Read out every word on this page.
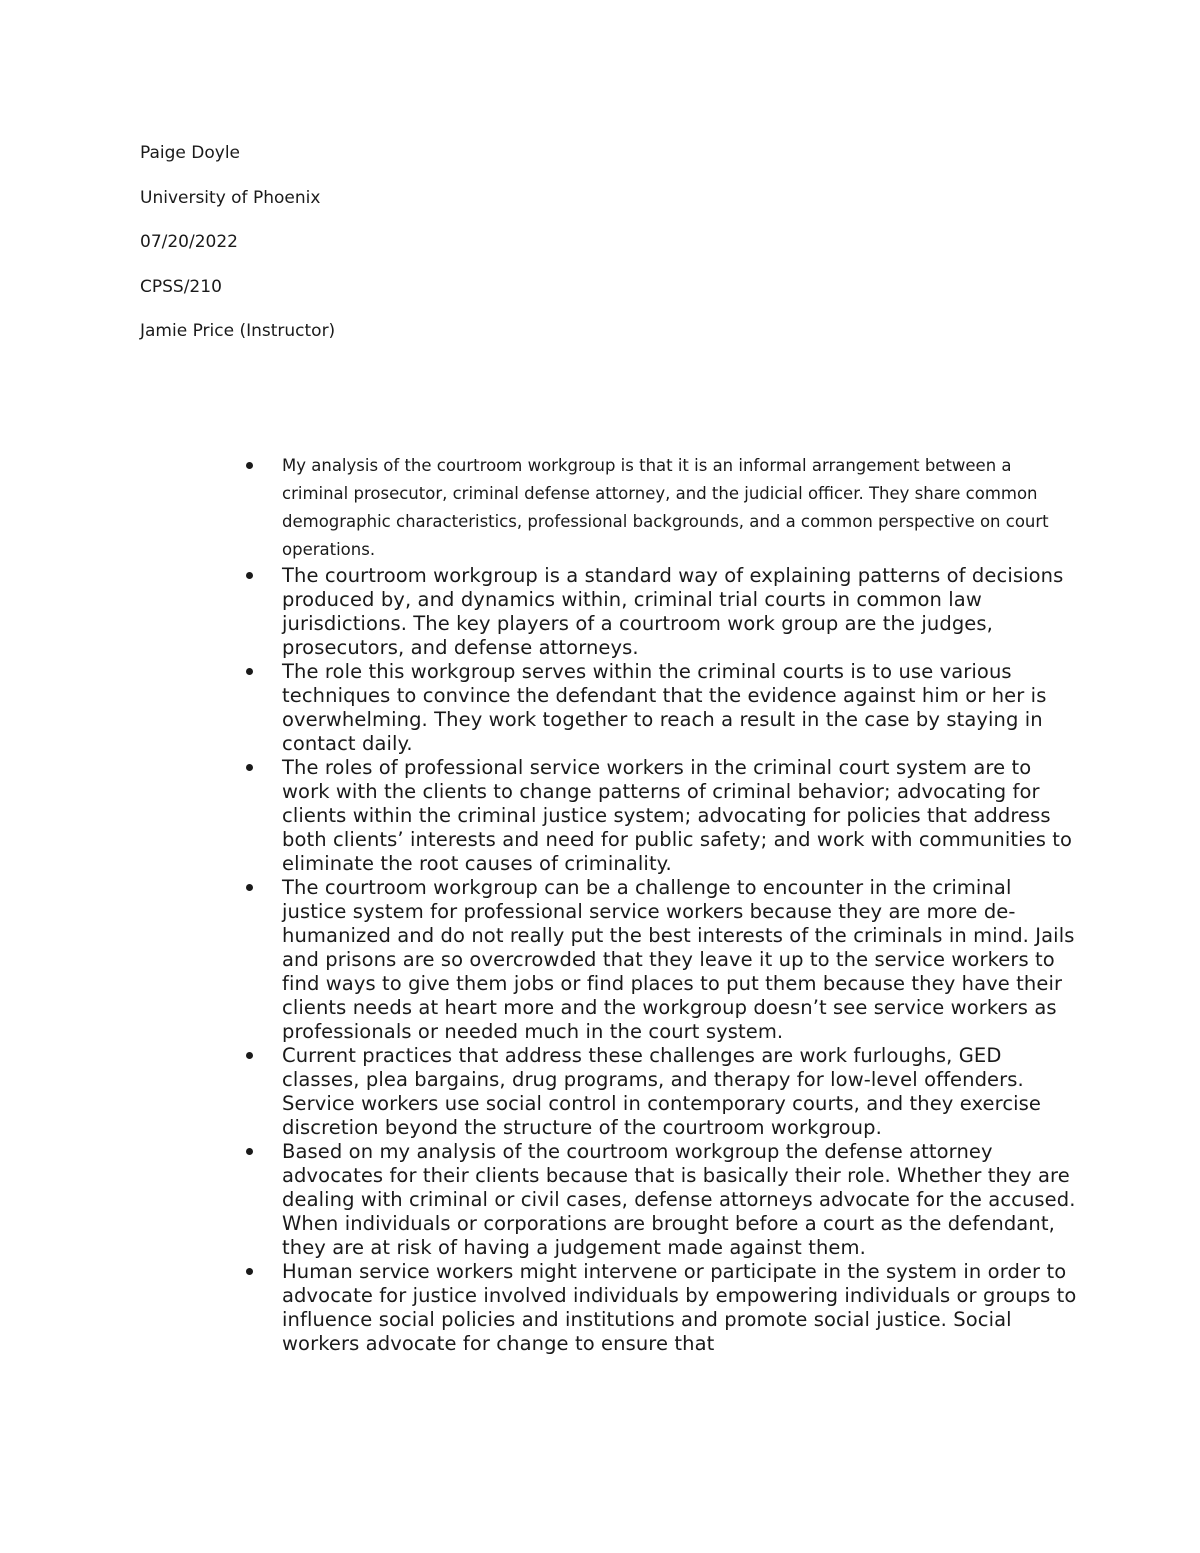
Paige Doyle
University of Phoenix
07/20/2022
CPSS/210
Jamie Price (Instructor)
My analysis of the courtroom workgroup is that it is an informal arrangement between a criminal prosecutor, criminal defense attorney, and the judicial officer. They share common demographic characteristics, professional backgrounds, and a common perspective on court operations.
The courtroom workgroup is a standard way of explaining patterns of decisions produced by, and dynamics within, criminal trial courts in common law jurisdictions. The key players of a courtroom work group are the judges, prosecutors, and defense attorneys.
The role this workgroup serves within the criminal courts is to use various techniques to convince the defendant that the evidence against him or her is overwhelming. They work together to reach a result in the case by staying in contact daily.
The roles of professional service workers in the criminal court system are to work with the clients to change patterns of criminal behavior; advocating for clients within the criminal justice system; advocating for policies that address both clients’ interests and need for public safety; and work with communities to eliminate the root causes of criminality.
The courtroom workgroup can be a challenge to encounter in the criminal justice system for professional service workers because they are more de-humanized and do not really put the best interests of the criminals in mind. Jails and prisons are so overcrowded that they leave it up to the service workers to find ways to give them jobs or find places to put them because they have their clients needs at heart more and the workgroup doesn’t see service workers as professionals or needed much in the court system.
Current practices that address these challenges are work furloughs, GED classes, plea bargains, drug programs, and therapy for low-level offenders. Service workers use social control in contemporary courts, and they exercise discretion beyond the structure of the courtroom workgroup.
Based on my analysis of the courtroom workgroup the defense attorney advocates for their clients because that is basically their role. Whether they are dealing with criminal or civil cases, defense attorneys advocate for the accused. When individuals or corporations are brought before a court as the defendant, they are at risk of having a judgement made against them.
Human service workers might intervene or participate in the system in order to advocate for justice involved individuals by empowering individuals or groups to influence social policies and institutions and promote social justice. Social workers advocate for change to ensure that
